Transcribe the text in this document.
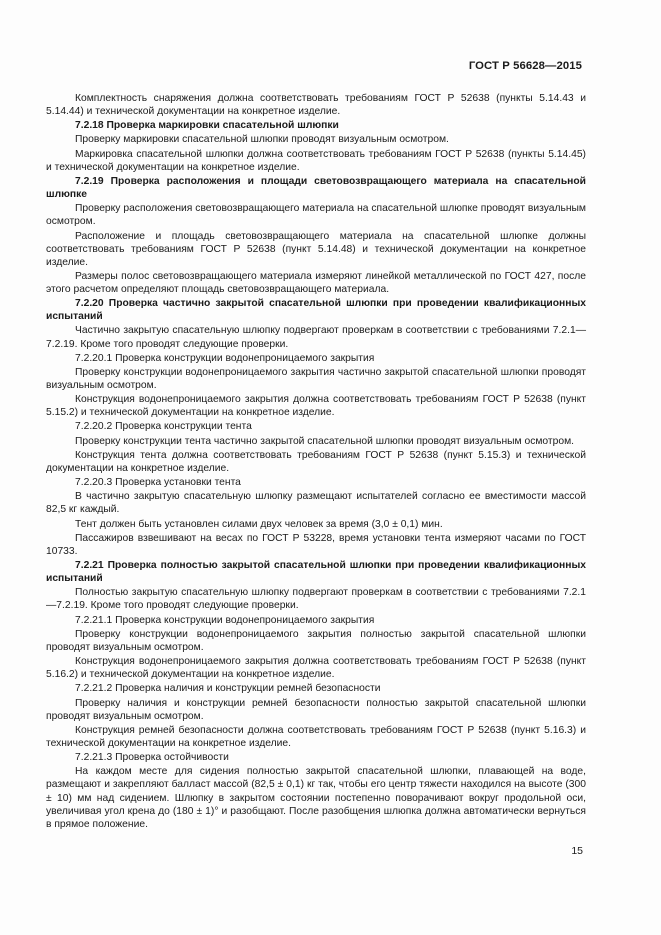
ГОСТ Р 56628—2015

Комплектность снаряжения должна соответствовать требованиям ГОСТ Р 52638 (пункты 5.14.43 и 5.14.44) и технической документации на конкретное изделие.

7.2.18 Проверка маркировки спасательной шлюпки

Проверку маркировки спасательной шлюпки проводят визуальным осмотром.

Маркировка спасательной шлюпки должна соответствовать требованиям ГОСТ Р 52638 (пункты 5.14.45) и технической документации на конкретное изделие.

7.2.19 Проверка расположения и площади световозвращающего материала на спасательной шлюпке

Проверку расположения световозвращающего материала на спасательной шлюпке проводят визуальным осмотром.

Расположение и площадь световозвращающего материала на спасательной шлюпке должны соответствовать требованиям ГОСТ Р 52638 (пункт 5.14.48) и технической документации на конкретное изделие.

Размеры полос световозвращающего материала измеряют линейкой металлической по ГОСТ 427, после этого расчетом определяют площадь световозвращающего материала.

7.2.20 Проверка частично закрытой спасательной шлюпки при проведении квалификационных испытаний

Частично закрытую спасательную шлюпку подвергают проверкам в соответствии с требованиями 7.2.1—7.2.19. Кроме того проводят следующие проверки.

7.2.20.1 Проверка конструкции водонепроницаемого закрытия

Проверку конструкции водонепроницаемого закрытия частично закрытой спасательной шлюпки проводят визуальным осмотром.

Конструкция водонепроницаемого закрытия должна соответствовать требованиям ГОСТ Р 52638 (пункт 5.15.2) и технической документации на конкретное изделие.

7.2.20.2 Проверка конструкции тента

Проверку конструкции тента частично закрытой спасательной шлюпки проводят визуальным осмотром.

Конструкция тента должна соответствовать требованиям ГОСТ Р 52638 (пункт 5.15.3) и технической документации на конкретное изделие.

7.2.20.3 Проверка установки тента

В частично закрытую спасательную шлюпку размещают испытателей согласно ее вместимости массой 82,5 кг каждый.

Тент должен быть установлен силами двух человек за время (3,0 ± 0,1) мин.

Пассажиров взвешивают на весах по ГОСТ Р 53228, время установки тента измеряют часами по ГОСТ 10733.

7.2.21 Проверка полностью закрытой спасательной шлюпки при проведении квалификационных испытаний

Полностью закрытую спасательную шлюпку подвергают проверкам в соответствии с требованиями 7.2.1—7.2.19. Кроме того проводят следующие проверки.

7.2.21.1 Проверка конструкции водонепроницаемого закрытия

Проверку конструкции водонепроницаемого закрытия полностью закрытой спасательной шлюпки проводят визуальным осмотром.

Конструкция водонепроницаемого закрытия должна соответствовать требованиям ГОСТ Р 52638 (пункт 5.16.2) и технической документации на конкретное изделие.

7.2.21.2 Проверка наличия и конструкции ремней безопасности

Проверку наличия и конструкции ремней безопасности полностью закрытой спасательной шлюпки проводят визуальным осмотром.

Конструкция ремней безопасности должна соответствовать требованиям ГОСТ Р 52638 (пункт 5.16.3) и технической документации на конкретное изделие.

7.2.21.3 Проверка остойчивости

На каждом месте для сидения полностью закрытой спасательной шлюпки, плавающей на воде, размещают и закрепляют балласт массой (82,5 ± 0,1) кг так, чтобы его центр тяжести находился на высоте (300 ± 10) мм над сидением. Шлюпку в закрытом состоянии постепенно поворачивают вокруг продольной оси, увеличивая угол крена до (180 ± 1)° и разобщают. После разобщения шлюпка должна автоматически вернуться в прямое положение.

15
